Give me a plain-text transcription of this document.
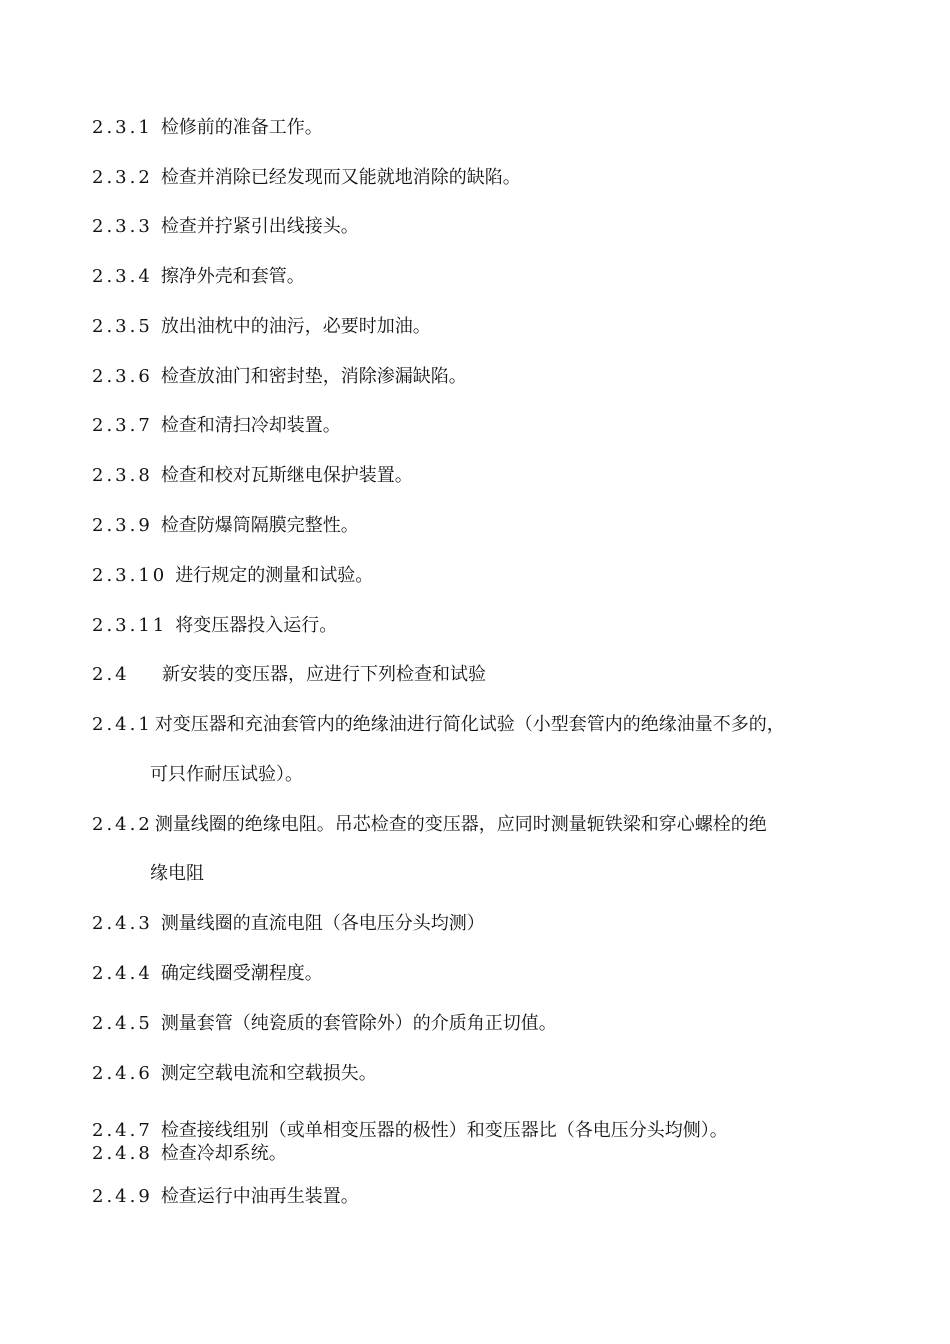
2.3.1 检修前的准备工作。
2.3.2 检查并消除已经发现而又能就地消除的缺陷。
2.3.3 检查并拧紧引出线接头。
2.3.4 擦净外壳和套管。
2.3.5 放出油枕中的油污，必要时加油。
2.3.6 检查放油门和密封垫，消除渗漏缺陷。
2.3.7 检查和清扫冷却装置。
2.3.8 检查和校对瓦斯继电保护装置。
2.3.9 检查防爆筒隔膜完整性。
2.3.10 进行规定的测量和试验。
2.3.11 将变压器投入运行。
2.4 新安装的变压器，应进行下列检查和试验
2.4.1 对变压器和充油套管内的绝缘油进行简化试验（小型套管内的绝缘油量不多的，
可只作耐压试验）。
2.4.2 测量线圈的绝缘电阻。吊芯检查的变压器，应同时测量轭铁梁和穿心螺栓的绝
缘电阻
2.4.3 测量线圈的直流电阻（各电压分头均测）
2.4.4 确定线圈受潮程度。
2.4.5 测量套管（纯瓷质的套管除外）的介质角正切值。
2.4.6 测定空载电流和空载损失。
2.4.7 检查接线组别（或单相变压器的极性）和变压器比（各电压分头均侧）。
2.4.8 检查冷却系统。
2.4.9 检查运行中油再生装置。
